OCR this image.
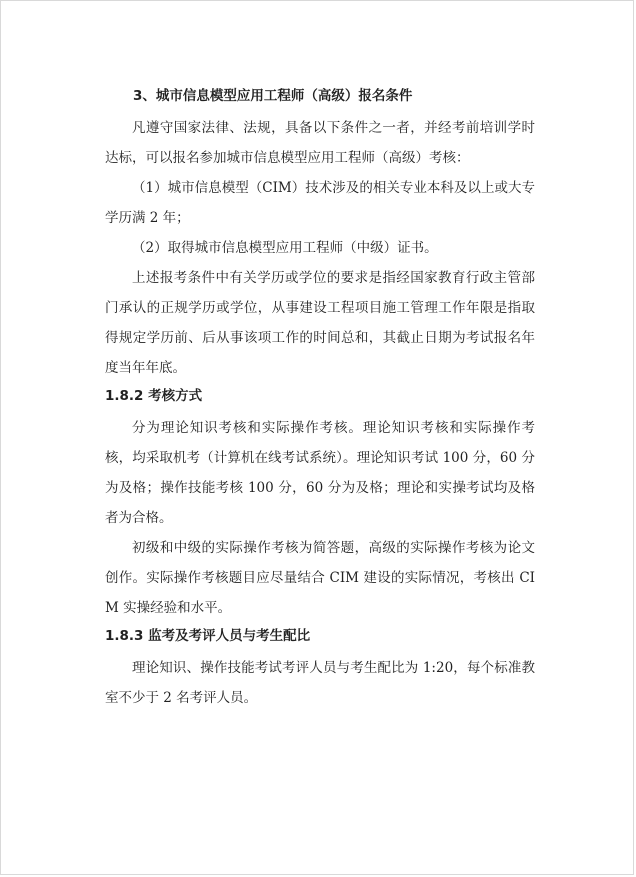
3、城市信息模型应用工程师（高级）报名条件

凡遵守国家法律、法规，具备以下条件之一者，并经考前培训学时达标，可以报名参加城市信息模型应用工程师（高级）考核：

（1）城市信息模型（CIM）技术涉及的相关专业本科及以上或大专学历满 2 年；

（2）取得城市信息模型应用工程师（中级）证书。

上述报考条件中有关学历或学位的要求是指经国家教育行政主管部门承认的正规学历或学位，从事建设工程项目施工管理工作年限是指取得规定学历前、后从事该项工作的时间总和，其截止日期为考试报名年度当年年底。

1.8.2 考核方式

分为理论知识考核和实际操作考核。理论知识考核和实际操作考核，均采取机考（计算机在线考试系统）。理论知识考试 100 分，60 分为及格；操作技能考核 100 分，60 分为及格；理论和实操考试均及格者为合格。

初级和中级的实际操作考核为简答题，高级的实际操作考核为论文创作。实际操作考核题目应尽量结合 CIM 建设的实际情况，考核出 CIM 实操经验和水平。

1.8.3 监考及考评人员与考生配比

理论知识、操作技能考试考评人员与考生配比为 1:20，每个标准教室不少于 2 名考评人员。
